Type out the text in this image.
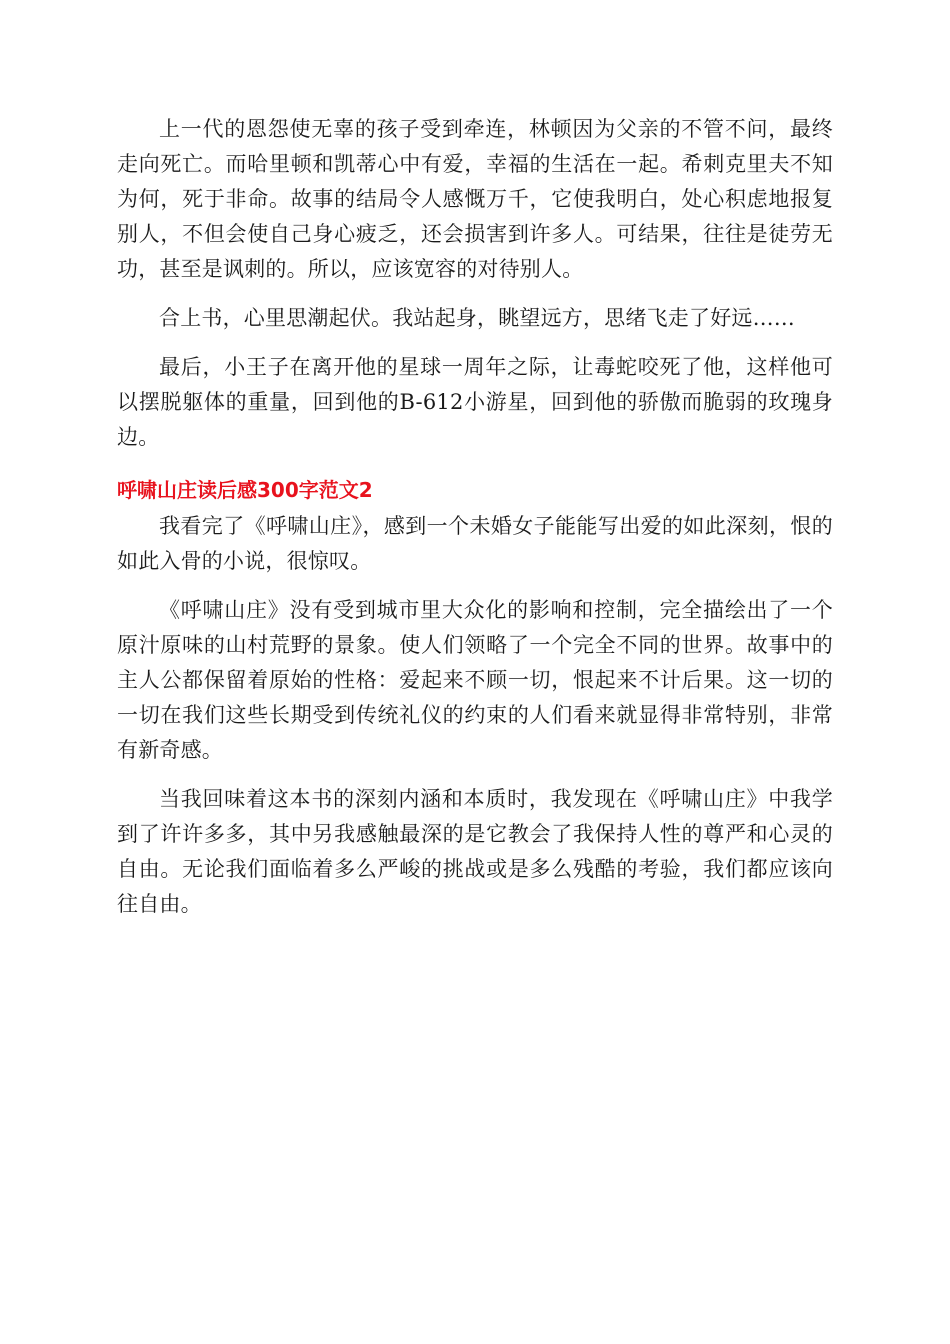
上一代的恩怨使无辜的孩子受到牵连，林顿因为父亲的不管不问，最终走向死亡。而哈里顿和凯蒂心中有爱，幸福的生活在一起。希刺克里夫不知为何，死于非命。故事的结局令人感慨万千，它使我明白，处心积虑地报复别人，不但会使自己身心疲乏，还会损害到许多人。可结果，往往是徒劳无功，甚至是讽刺的。所以，应该宽容的对待别人。

合上书，心里思潮起伏。我站起身，眺望远方，思绪飞走了好远……

最后，小王子在离开他的星球一周年之际，让毒蛇咬死了他，这样他可以摆脱躯体的重量，回到他的B-612小游星，回到他的骄傲而脆弱的玫瑰身边。

呼啸山庄读后感300字范文2

我看完了《呼啸山庄》，感到一个未婚女子能能写出爱的如此深刻，恨的如此入骨的小说，很惊叹。

《呼啸山庄》没有受到城市里大众化的影响和控制，完全描绘出了一个原汁原味的山村荒野的景象。使人们领略了一个完全不同的世界。故事中的主人公都保留着原始的性格：爱起来不顾一切，恨起来不计后果。这一切的一切在我们这些长期受到传统礼仪的约束的人们看来就显得非常特别，非常有新奇感。

当我回味着这本书的深刻内涵和本质时，我发现在《呼啸山庄》中我学到了许许多多，其中另我感触最深的是它教会了我保持人性的尊严和心灵的自由。无论我们面临着多么严峻的挑战或是多么残酷的考验，我们都应该向往自由。
